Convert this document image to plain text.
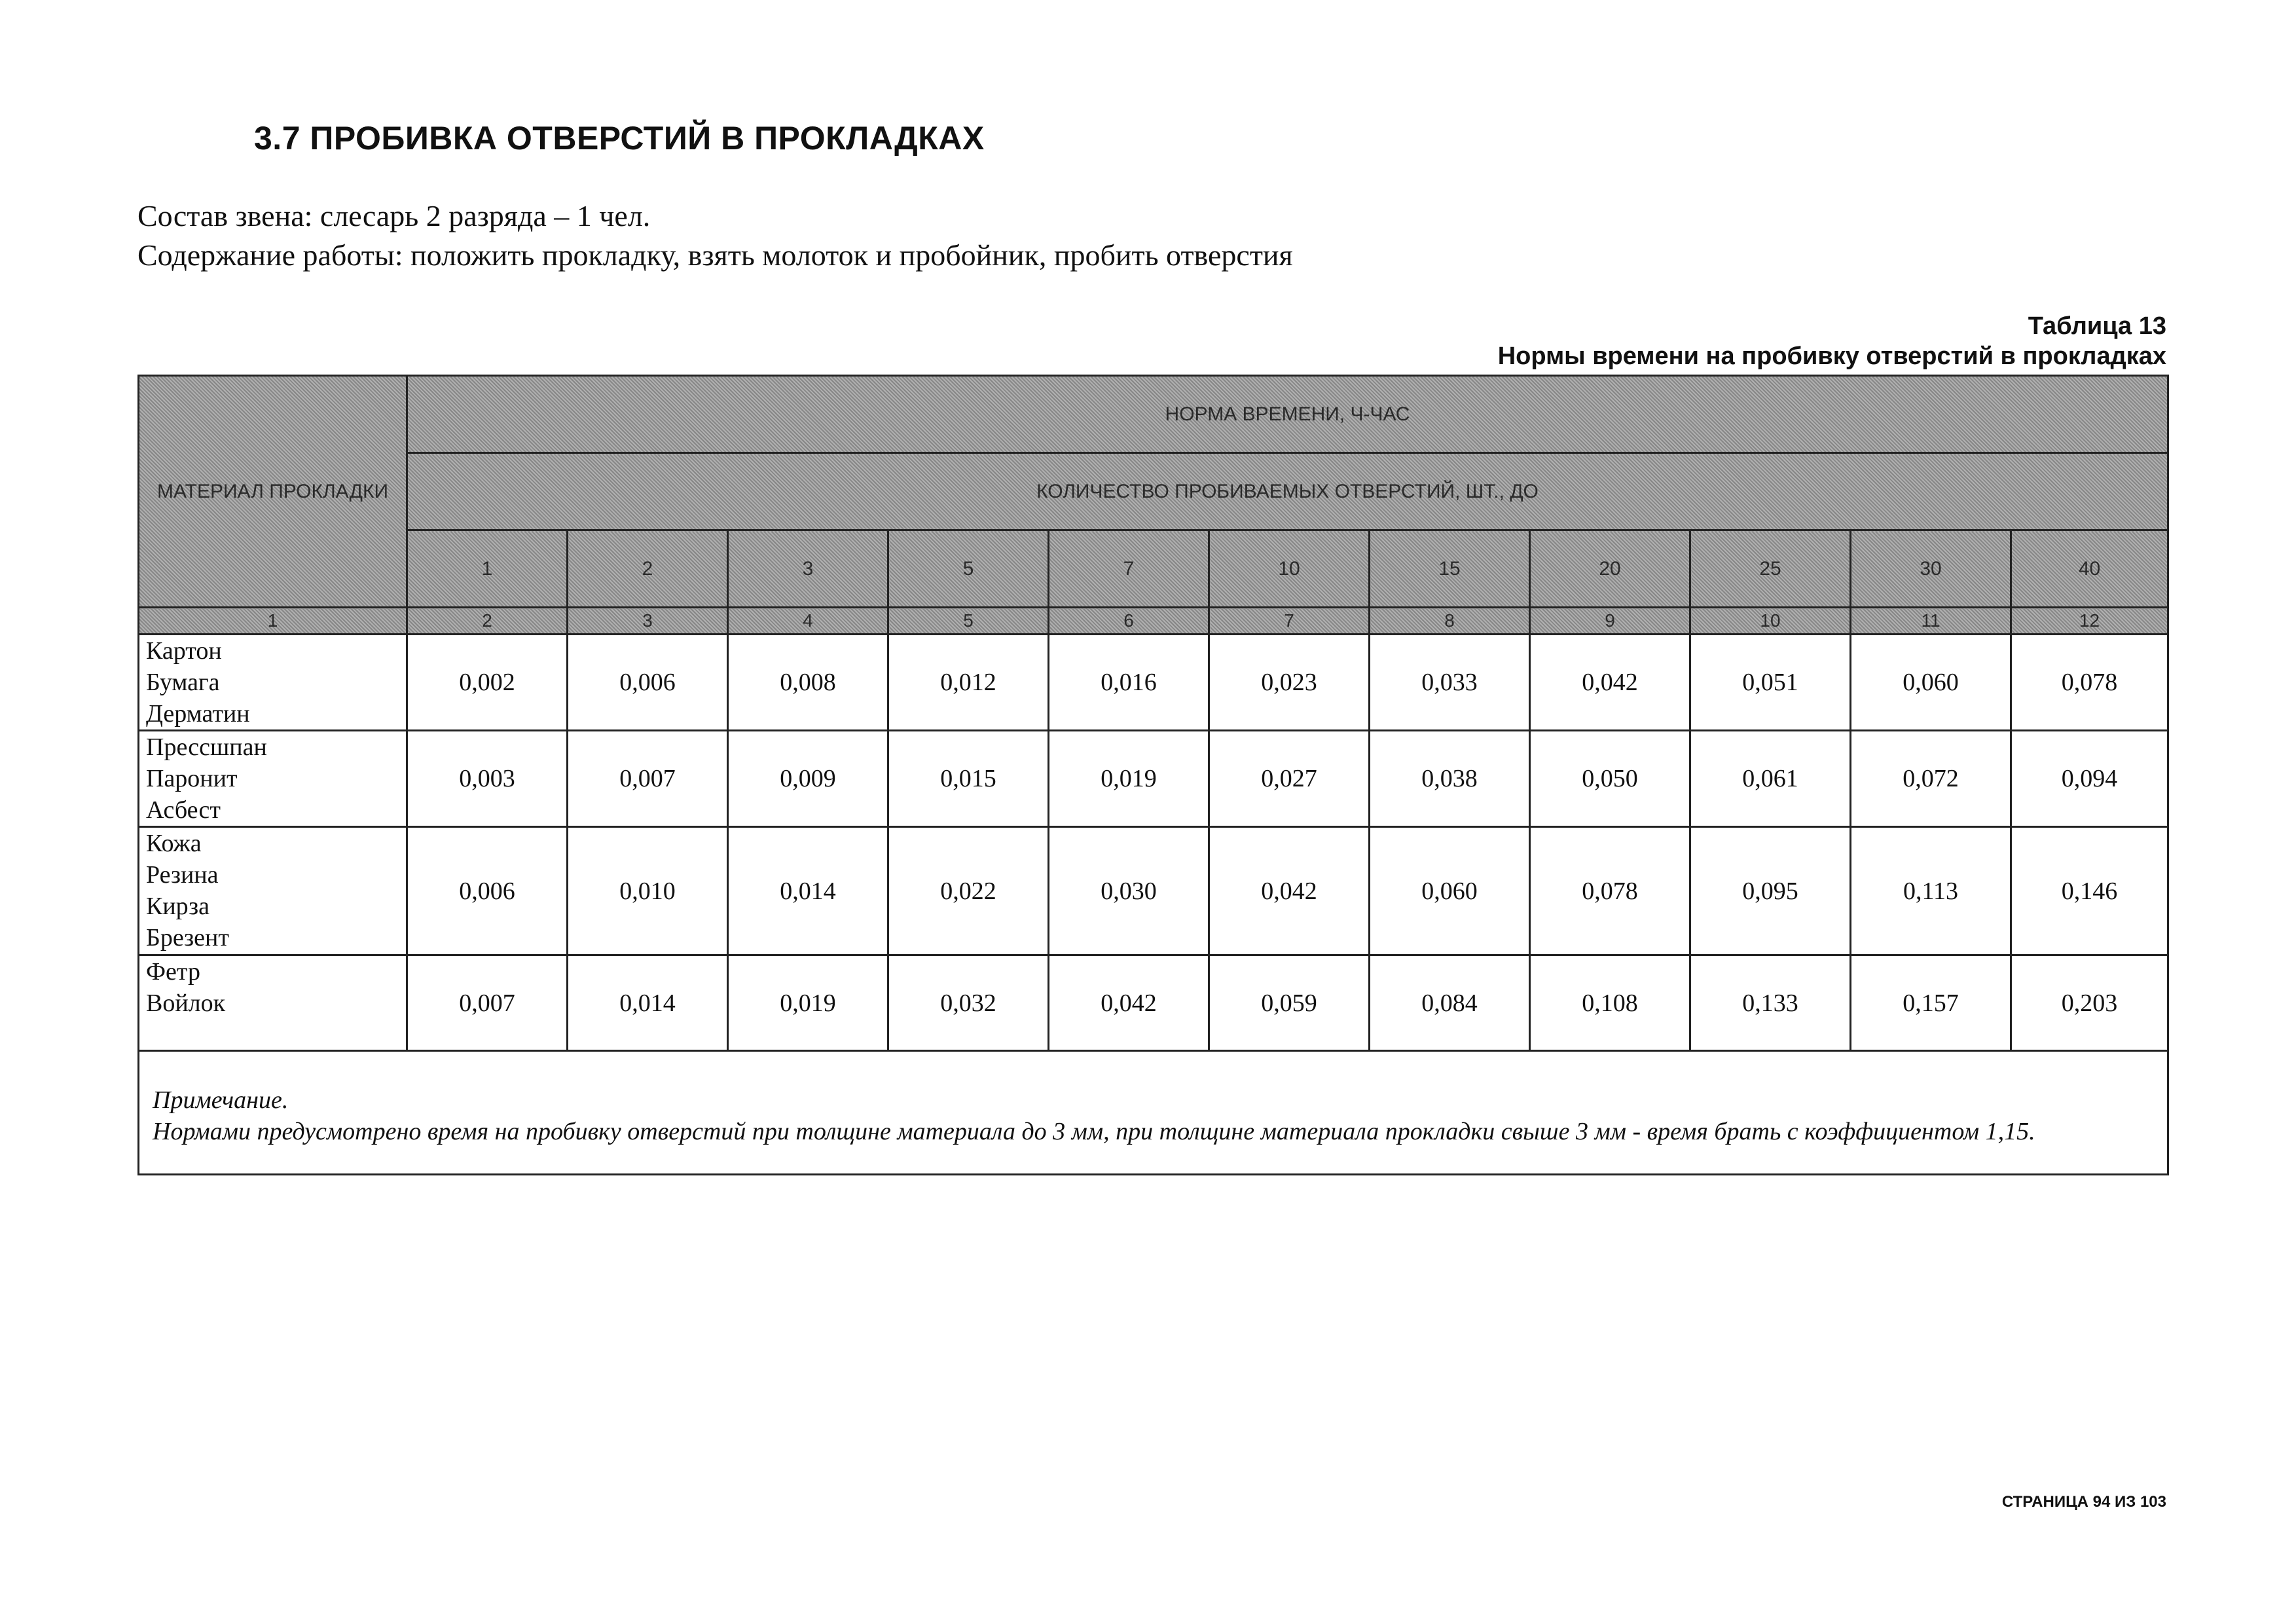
3.7 ПРОБИВКА ОТВЕРСТИЙ В ПРОКЛАДКАХ
Состав звена: слесарь 2 разряда – 1 чел.
Содержание работы: положить прокладку, взять молоток и пробойник, пробить отверстия
Таблица 13
Нормы времени на пробивку отверстий в прокладках
МАТЕРИАЛ ПРОКЛАДКИ	НОРМА ВРЕМЕНИ, Ч-ЧАС										
	КОЛИЧЕСТВО ПРОБИВАЕМЫХ ОТВЕРСТИЙ, ШТ., ДО										
	1	2	3	5	7	10	15	20	25	30	40
1	2	3	4	5	6	7	8	9	10	11	12

Картон
Бумага
Дерматин	0,002	0,006	0,008	0,012	0,016	0,023	0,033	0,042	0,051	0,060	0,078

Прессшпан
Паронит
Асбест	0,003	0,007	0,009	0,015	0,019	0,027	0,038	0,050	0,061	0,072	0,094

Кожа
Резина
Кирза
Брезент	0,006	0,010	0,014	0,022	0,030	0,042	0,060	0,078	0,095	0,113	0,146

Фетр
Войлок	0,007	0,014	0,019	0,032	0,042	0,059	0,084	0,108	0,133	0,157	0,203

Примечание.
Нормами предусмотрено время на пробивку отверстий при толщине материала до 3 мм, при толщине материала прокладки свыше 3 мм - время брать с коэффициентом 1,15.											
СТРАНИЦА 94 ИЗ 103
